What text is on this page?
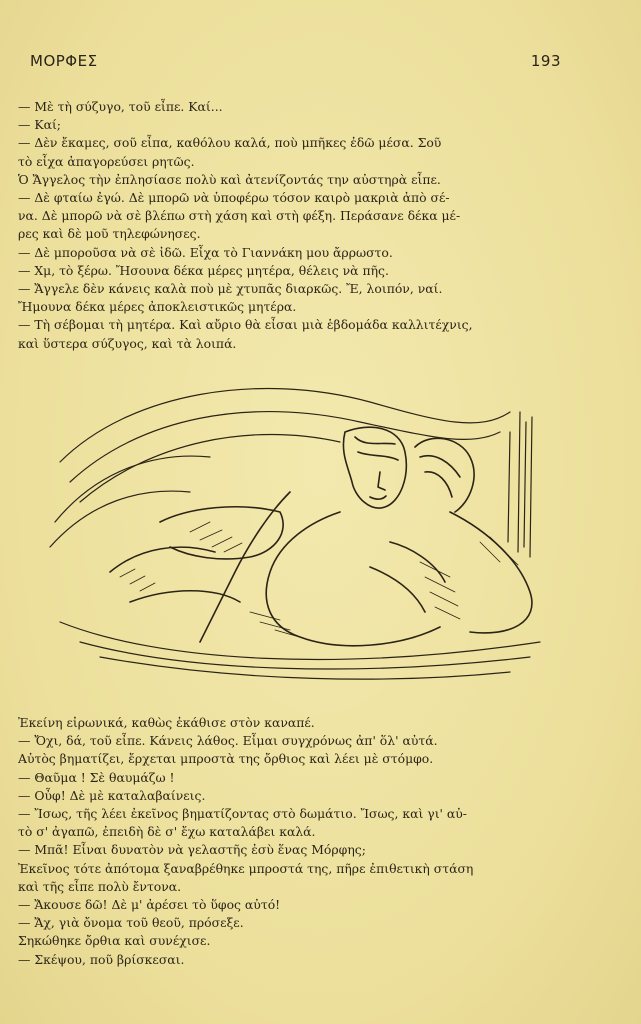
ΜΟΡΦΕΣ	193
— Μὲ τὴ σύζυγο, τοῦ εἶπε. Καί...
— Καί;
— Δὲν ἔκαμες, σοῦ εἶπα, καθόλου καλά, ποὺ μπῆκες ἐδῶ μέσα. Σοῦ
τὸ εἶχα ἀπαγορεύσει ρητῶς.
Ὁ Ἄγγελος τὴν ἐπλησίασε πολὺ καὶ ἀτενίζοντάς την αὐστηρὰ εἶπε.
— Δὲ φταίω ἐγώ. Δὲ μπορῶ νὰ ὑποφέρω τόσον καιρὸ μακριὰ ἀπὸ σέ-
να. Δὲ μπορῶ νὰ σὲ βλέπω στὴ χάση καὶ στὴ φέξη. Περάσανε δέκα μέ-
ρες καὶ δὲ μοῦ τηλεφώνησες.
— Δὲ μποροῦσα νὰ σὲ ἰδῶ. Εἶχα τὸ Γιαννάκη μου ἄρρωστο.
— Χμ, τὸ ξέρω. Ἤσουνα δέκα μέρες μητέρα, θέλεις νὰ πῆς.
— Ἄγγελε δὲν κάνεις καλὰ ποὺ μὲ χτυπᾶς διαρκῶς. Ἔ, λοιπόν, ναί.
Ἤμουνα δέκα μέρες ἀποκλειστικῶς μητέρα.
— Τὴ σέβομαι τὴ μητέρα. Καὶ αὔριο θὰ εἶσαι μιὰ ἑβδομάδα καλλιτέχνις,
καὶ ὕστερα σύζυγος, καὶ τὰ λοιπά.
Ἐκείνη εἰρωνικά, καθὼς ἐκάθισε στὸν καναπέ.
— Ὄχι, δά, τοῦ εἶπε. Κάνεις λάθος. Εἶμαι συγχρόνως ἀπ' ὅλ' αὐτά.
Αὐτὸς βηματίζει, ἔρχεται μπροστὰ της ὄρθιος καὶ λέει μὲ στόμφο.
— Θαῦμα ! Σὲ θαυμάζω !
— Οὖφ! Δὲ μὲ καταλαβαίνεις.
— Ἴσως, τῆς λέει ἐκεῖνος βηματίζοντας στὸ δωμάτιο. Ἴσως, καὶ γι' αὐ-
τὸ σ' ἀγαπῶ, ἐπειδὴ δὲ σ' ἔχω καταλάβει καλά.
— Μπᾶ! Εἶναι δυνατὸν νὰ γελαστῆς ἐσὺ ἕνας Μόρφης;
Ἐκεῖνος τότε ἀπότομα ξαναβρέθηκε μπροστά της, πῆρε ἐπιθετικὴ στάση
καὶ τῆς εἶπε πολὺ ἔντονα.
— Ἄκουσε δῶ! Δὲ μ' ἀρέσει τὸ ὕφος αὐτό!
— Ἄχ, γιὰ ὄνομα τοῦ θεοῦ, πρόσεξε.
Σηκώθηκε ὄρθια καὶ συνέχισε.
— Σκέψου, ποῦ βρίσκεσαι.
